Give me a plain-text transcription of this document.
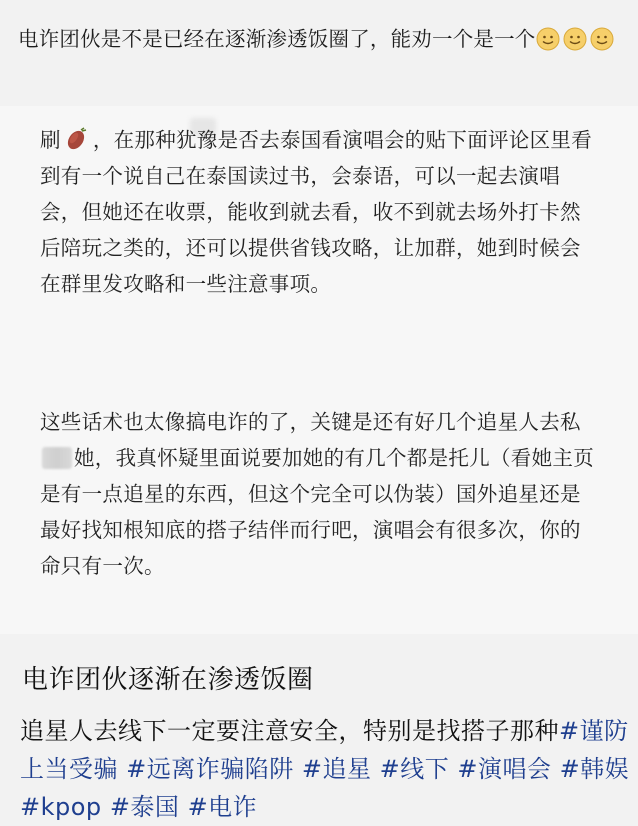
电诈团伙是不是已经在逐渐渗透饭圈了，能劝一个是一个
刷 ，在那种犹豫是否去泰国看演唱会的贴下面评论区里看到有一个说自己在泰国读过书，会泰语，可以一起去演唱会，但她还在收票，能收到就去看，收不到就去场外打卡然后陪玩之类的，还可以提供省钱攻略，让加群，她到时候会在群里发攻略和一些注意事项。
这些话术也太像搞电诈的了，关键是还有好几个追星人去私她，我真怀疑里面说要加她的有几个都是托儿（看她主页是有一点追星的东西，但这个完全可以伪装）国外追星还是最好找知根知底的搭子结伴而行吧，演唱会有很多次，你的命只有一次。
电诈团伙逐渐在渗透饭圈
追星人去线下一定要注意安全，特别是找搭子那种#谨防上当受骗 #远离诈骗陷阱 #追星 #线下 #演唱会 #韩娱 #kpop #泰国 #电诈
